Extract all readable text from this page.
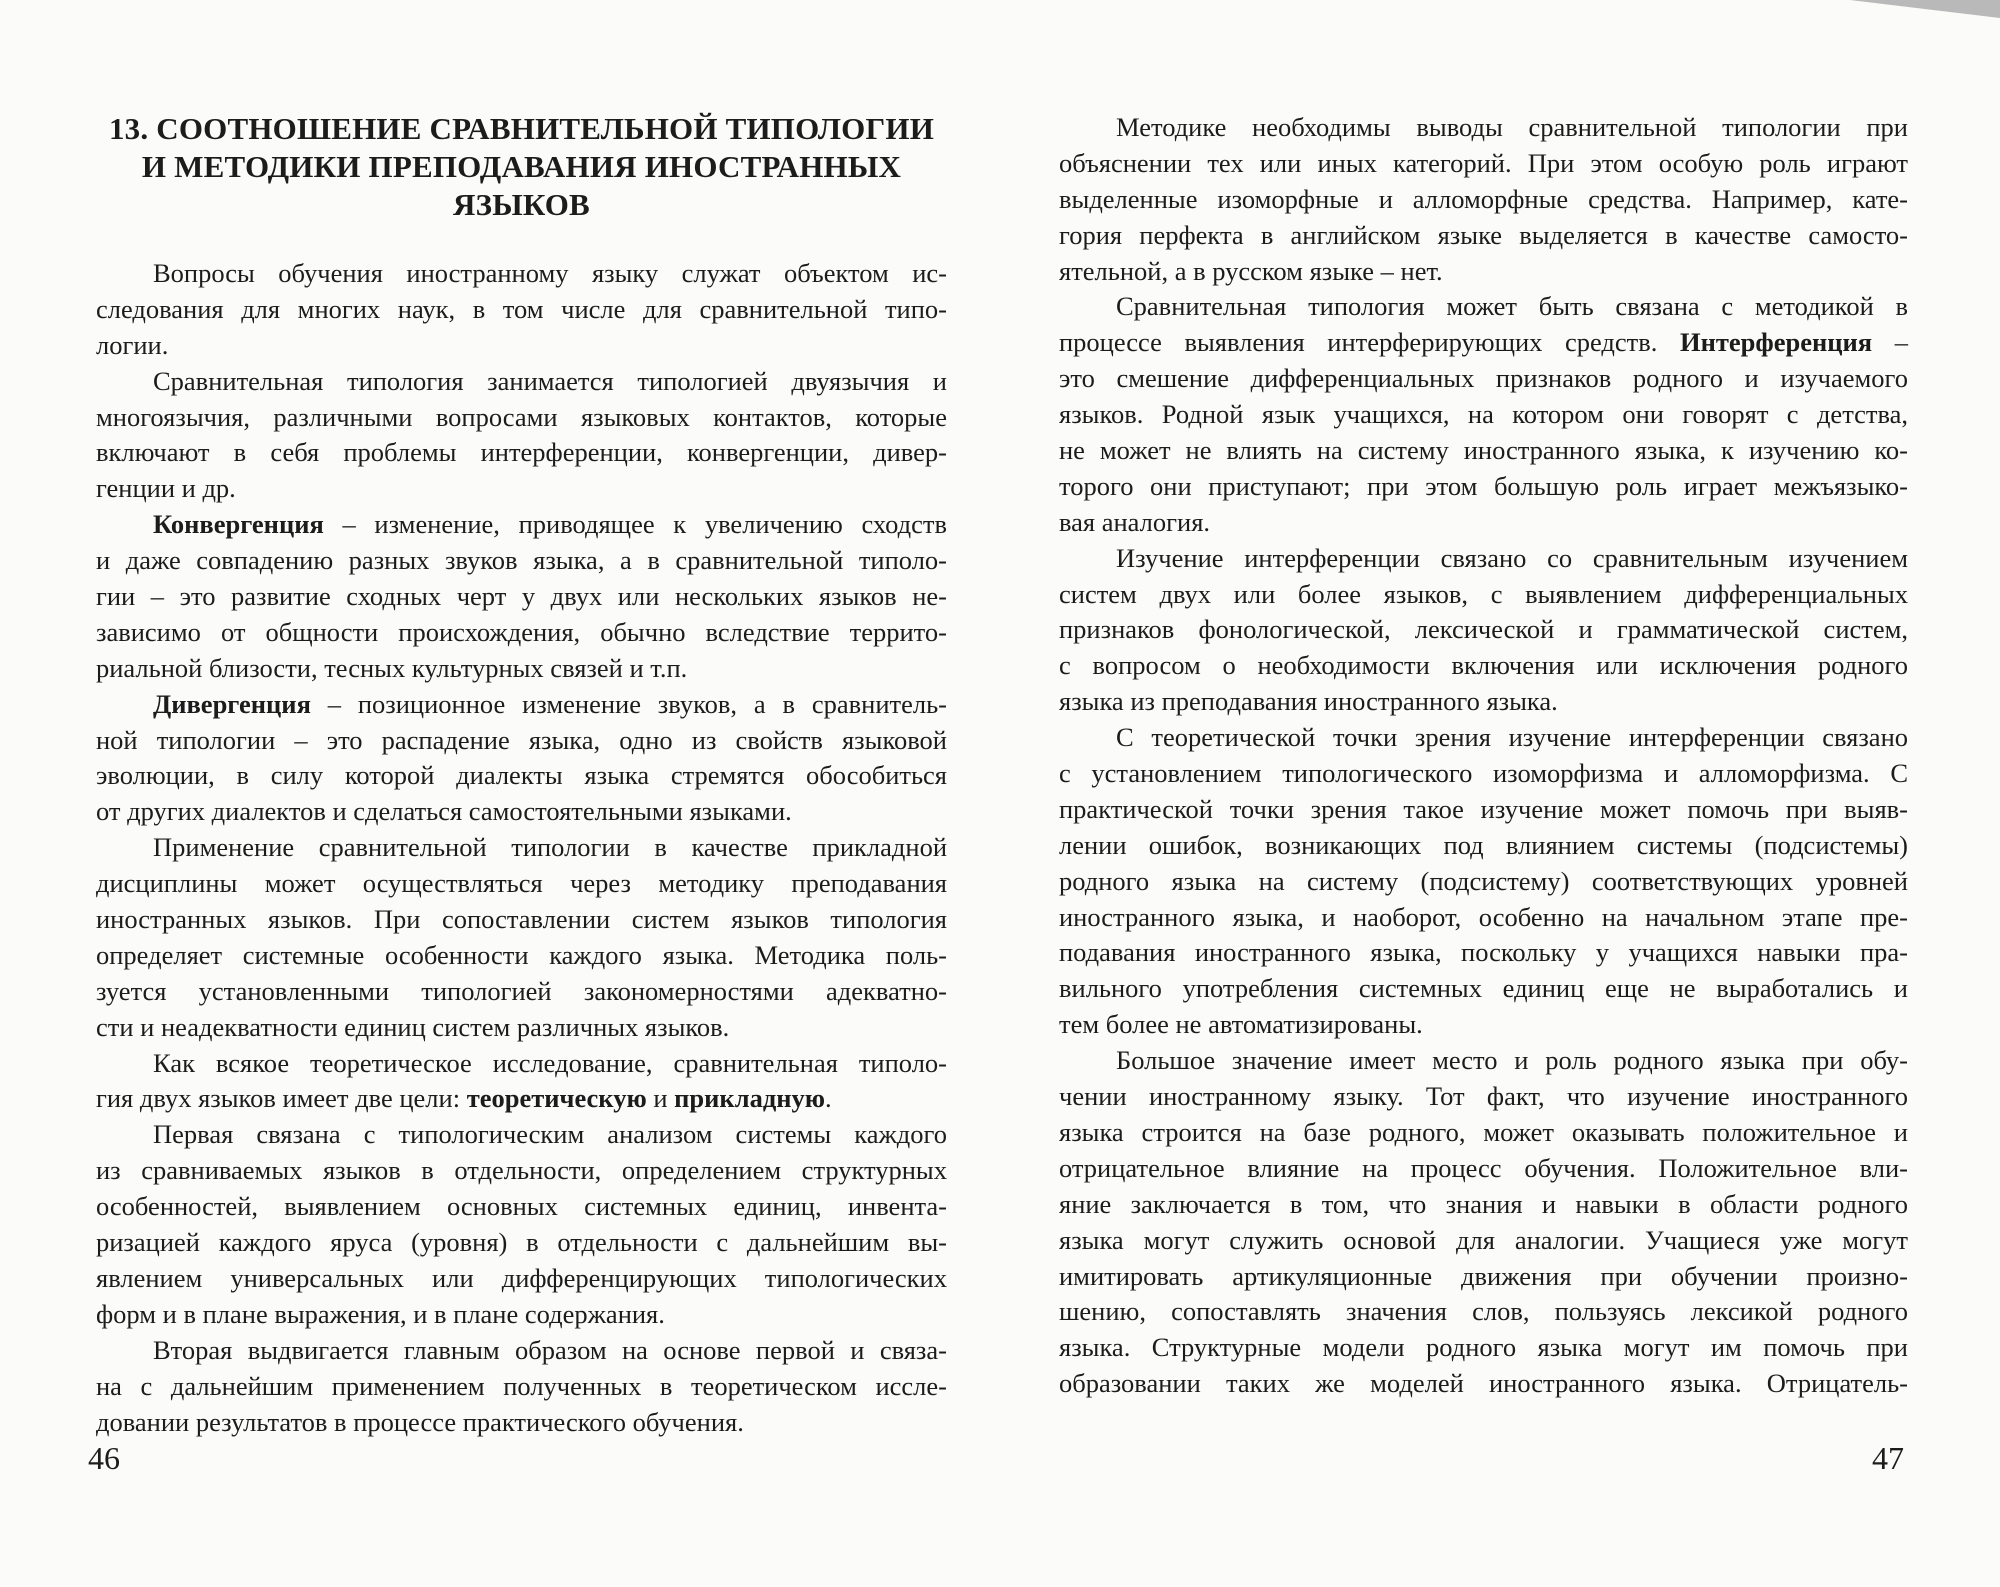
13. СООТНОШЕНИЕ СРАВНИТЕЛЬНОЙ ТИПОЛОГИИ
И МЕТОДИКИ ПРЕПОДАВАНИЯ ИНОСТРАННЫХ ЯЗЫКОВ
Вопросы обучения иностранному языку служат объектом ис-
следования для многих наук, в том числе для сравнительной типо-
логии.
Сравнительная типология занимается типологией двуязычия и
многоязычия, различными вопросами языковых контактов, которые
включают в себя проблемы интерференции, конвергенции, дивер-
генции и др.
Конвергенция – изменение, приводящее к увеличению сходств
и даже совпадению разных звуков языка, а в сравнительной типоло-
гии – это развитие сходных черт у двух или нескольких языков не-
зависимо от общности происхождения, обычно вследствие террито-
риальной близости, тесных культурных связей и т.п.
Дивергенция – позиционное изменение звуков, а в сравнитель-
ной типологии – это распадение языка, одно из свойств языковой
эволюции, в силу которой диалекты языка стремятся обособиться
от других диалектов и сделаться самостоятельными языками.
Применение сравнительной типологии в качестве прикладной
дисциплины может осуществляться через методику преподавания
иностранных языков. При сопоставлении систем языков типология
определяет системные особенности каждого языка. Методика поль-
зуется установленными типологией закономерностями адекватно-
сти и неадекватности единиц систем различных языков.
Как всякое теоретическое исследование, сравнительная типоло-
гия двух языков имеет две цели: теоретическую и прикладную.
Первая связана с типологическим анализом системы каждого
из сравниваемых языков в отдельности, определением структурных
особенностей, выявлением основных системных единиц, инвента-
ризацией каждого яруса (уровня) в отдельности с дальнейшим вы-
явлением универсальных или дифференцирующих типологических
форм и в плане выражения, и в плане содержания.
Вторая выдвигается главным образом на основе первой и связа-
на с дальнейшим применением полученных в теоретическом иссле-
довании результатов в процессе практического обучения.
Методике необходимы выводы сравнительной типологии при
объяснении тех или иных категорий. При этом особую роль играют
выделенные изоморфные и алломорфные средства. Например, кате-
гория перфекта в английском языке выделяется в качестве самосто-
ятельной, а в русском языке – нет.
Сравнительная типология может быть связана с методикой в
процессе выявления интерферирующих средств. Интерференция –
это смешение дифференциальных признаков родного и изучаемого
языков. Родной язык учащихся, на котором они говорят с детства,
не может не влиять на систему иностранного языка, к изучению ко-
торого они приступают; при этом большую роль играет межъязыко-
вая аналогия.
Изучение интерференции связано со сравнительным изучением
систем двух или более языков, с выявлением дифференциальных
признаков фонологической, лексической и грамматической систем,
с вопросом о необходимости включения или исключения родного
языка из преподавания иностранного языка.
С теоретической точки зрения изучение интерференции связано
с установлением типологического изоморфизма и алломорфизма. С
практической точки зрения такое изучение может помочь при выяв-
лении ошибок, возникающих под влиянием системы (подсистемы)
родного языка на систему (подсистему) соответствующих уровней
иностранного языка, и наоборот, особенно на начальном этапе пре-
подавания иностранного языка, поскольку у учащихся навыки пра-
вильного употребления системных единиц еще не выработались и
тем более не автоматизированы.
Большое значение имеет место и роль родного языка при обу-
чении иностранному языку. Тот факт, что изучение иностранного
языка строится на базе родного, может оказывать положительное и
отрицательное влияние на процесс обучения. Положительное вли-
яние заключается в том, что знания и навыки в области родного
языка могут служить основой для аналогии. Учащиеся уже могут
имитировать артикуляционные движения при обучении произно-
шению, сопоставлять значения слов, пользуясь лексикой родного
языка. Структурные модели родного языка могут им помочь при
образовании таких же моделей иностранного языка. Отрицатель-
46	47
